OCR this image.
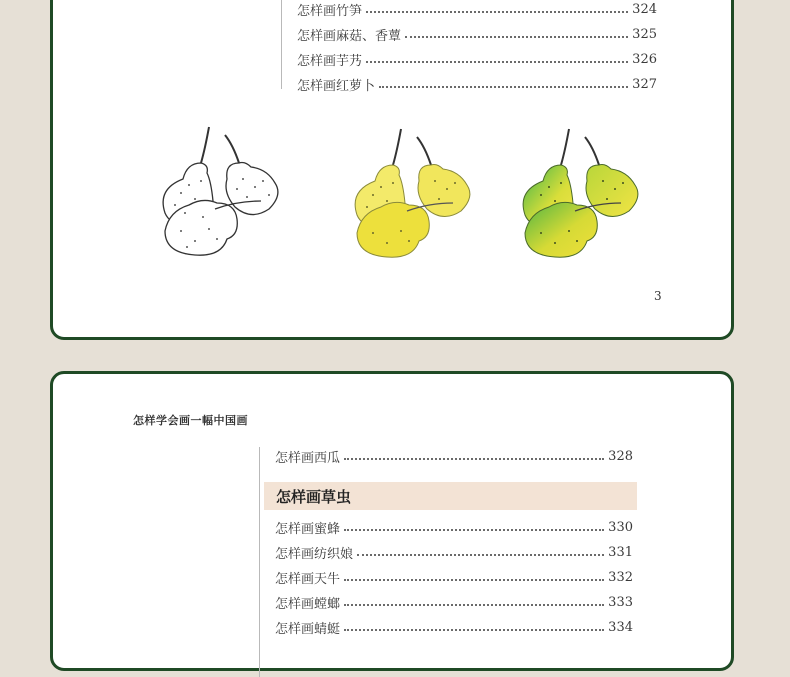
怎样画竹笋	324
怎样画麻菇、香蕈	325
怎样画芋艿	326
怎样画红萝卜	327
3
怎样学会画一幅中国画
怎样画西瓜	328
怎样画草虫
怎样画蜜蜂	330
怎样画纺织娘	331
怎样画天牛	332
怎样画螳螂	333
怎样画蜻蜓	334
